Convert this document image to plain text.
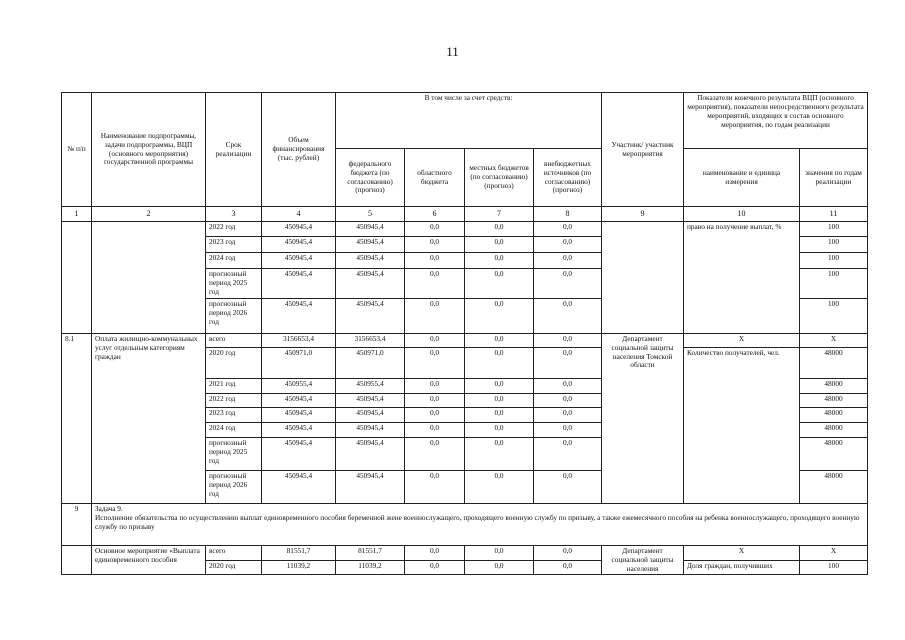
11
№ п/п	Наименование подпрограммы, задачи подпрограммы, ВЦП (основного мероприятия) государственной программы	Срок реализации	Объем финансирования (тыс. рублей)	В том числе за счет средств:				Участник/ участник мероприятия	Показатели конечного результата ВЦП (основного мероприятия), показатели непосредственного результата мероприятий, входящих в состав основного мероприятия, по годам реализации	
				федерального бюджета (по согласованию) (прогноз)	областного бюджета	местных бюджетов (по согласованию) (прогноз)	внебюджетных источников (по согласованию) (прогноз)		наименование и единица измерения	значения по годам реализации
1	2	3	4	5	6	7	8	9	10	11
		2022 год	450945,4	450945,4	0,0	0,0	0,0		право на получение выплат, %	100
		2023 год	450945,4	450945,4	0,0	0,0	0,0			100
		2024 год	450945,4	450945,4	0,0	0,0	0,0			100
		прогнозный период 2025 год	450945,4	450945,4	0,0	0,0	0,0			100
		прогнозный период 2026 год	450945,4	450945,4	0,0	0,0	0,0			100
8.1	Оплата жилищно-коммунальных услуг отдельным категориям граждан	всего	3156653,4	3156653,4	0,0	0,0	0,0	Департамент социальной защиты населения Томской области	Х	Х
		2020 год	450971,0	450971,0	0,0	0,0	0,0		Количество получателей, чел.	48000
		2021 год	450955,4	450955,4	0,0	0,0	0,0			48000
		2022 год	450945,4	450945,4	0,0	0,0	0,0			48000
		2023 год	450945,4	450945,4	0,0	0,0	0,0			48000
		2024 год	450945,4	450945,4	0,0	0,0	0,0			48000
		прогнозный период 2025 год	450945,4	450945,4	0,0	0,0	0,0			48000
		прогнозный период 2026 год	450945,4	450945,4	0,0	0,0	0,0			48000
9	Задача 9.
Исполнение обязательства по осуществлению выплат единовременного пособия беременной жене военнослужащего, проходящего военную службу по призыву, а также ежемесячного пособия на ребенка военнослужащего, проходящего военную службу по призыву									

	Основное мероприятие «Выплата единовременного пособия	всего	81551,7	81551,7	0,0	0,0	0,0	Департамент социальной защиты населения	Х	Х
		2020 год	11039,2	11039,2	0,0	0,0	0,0		Доля граждан, получивших	100
